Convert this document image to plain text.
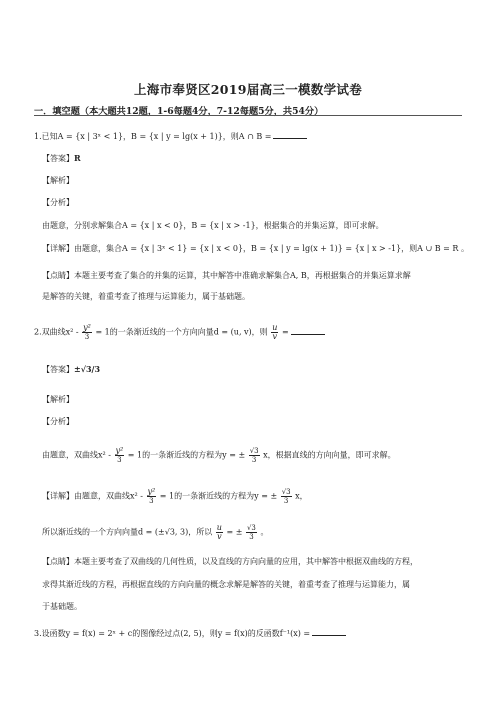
上海市奉贤区2019届高三一模数学试卷
一．填空题（本大题共12题，1-6每题4分，7-12每题5分，共54分）
1.已知A = {x | 3ˣ < 1}，B = {x | y = lg(x + 1)}，则A ∩ B =
【答案】R
【解析】
【分析】
由题意，分别求解集合A = {x | x < 0}，B = {x | x > -1}，根据集合的并集运算，即可求解。
【详解】由题意，集合A = {x | 3ˣ < 1} = {x | x < 0}，B = {x | y = lg(x + 1)} = {x | x > -1}，则A ∪ B = R 。
【点睛】本题主要考查了集合的并集的运算，其中解答中准确求解集合A, B，再根据集合的并集运算求解
是解答的关键，着重考查了推理与运算能力，属于基础题。
2.双曲线$x^2 - \frac{\text{y²}}{3} = 1$的一条渐近线的一个方向向量d = (u, v)，则 $\frac{u}{v}$ =
【答案】±√3/3
【解析】
【分析】
由题意，双曲线$x^2 - \frac{\text{y²}}{3} = 1$的一条渐近线的方程为y = ± $\frac{√3}{3}$ x，根据直线的方向向量，即可求解。
【详解】由题意，双曲线$x^2 - \frac{\text{y²}}{3} = 1$的一条渐近线的方程为y = ± $\frac{√3}{3}$ x，
所以渐近线的一个方向向量d = (±√3, 3)，所以 $\frac{u}{v}$ = ± $\frac{√3}{3}$ 。
【点睛】本题主要考查了双曲线的几何性质，以及直线的方向向量的应用，其中解答中根据双曲线的方程，
求得其渐近线的方程，再根据直线的方向向量的概念求解是解答的关键，着重考查了推理与运算能力，属
于基础题。
3.设函数y = f(x) = 2ˣ + c的图像经过点(2, 5)，则y = f(x)的反函数f⁻¹(x) =
